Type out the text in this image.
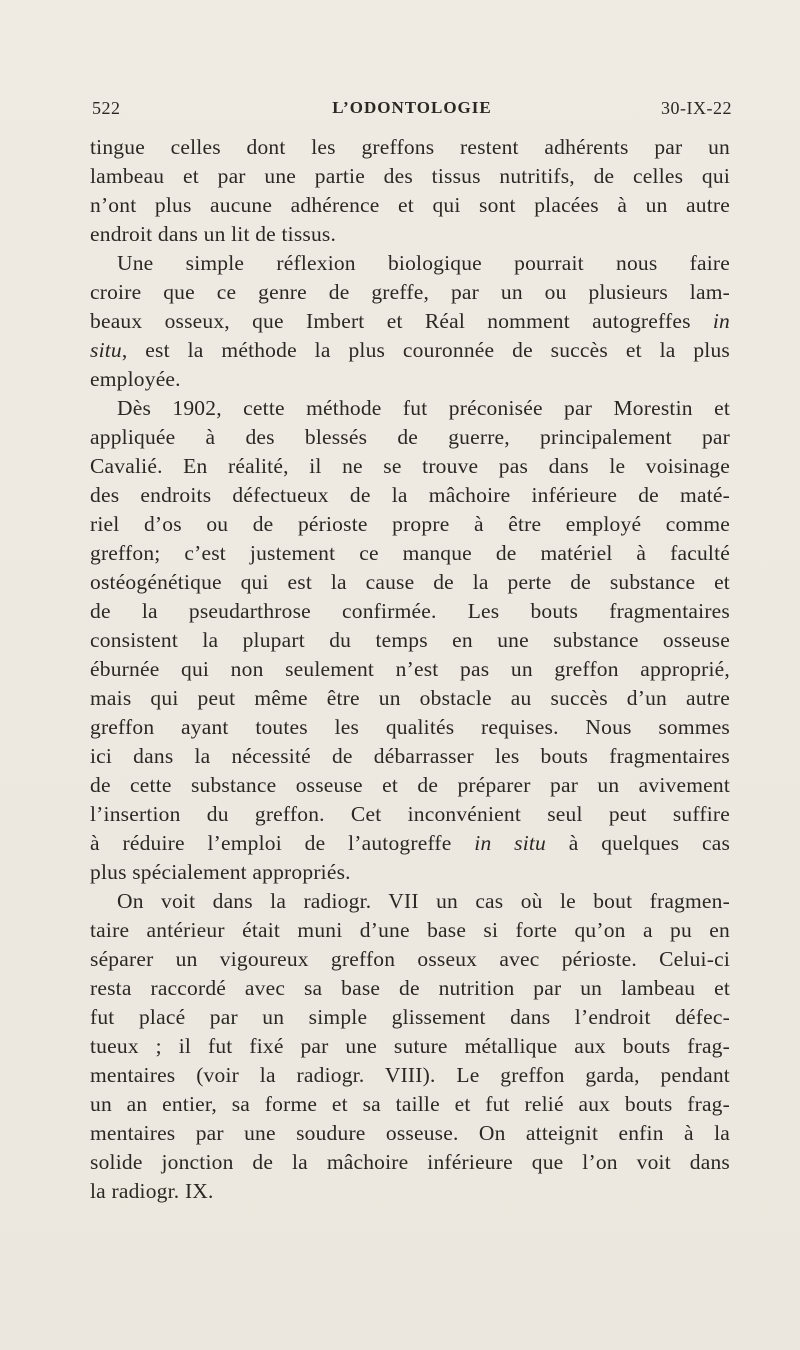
522	L’ODONTOLOGIE	30-IX-22
tingue celles dont les greffons restent adhérents par un
lambeau et par une partie des tissus nutritifs, de celles qui
n’ont plus aucune adhérence et qui sont placées à un autre
endroit dans un lit de tissus.
Une simple réflexion biologique pourrait nous faire
croire que ce genre de greffe, par un ou plusieurs lam-
beaux osseux, que Imbert et Réal nomment autogreffes in
situ, est la méthode la plus couronnée de succès et la plus
employée.
Dès 1902, cette méthode fut préconisée par Morestin et
appliquée à des blessés de guerre, principalement par
Cavalié. En réalité, il ne se trouve pas dans le voisinage
des endroits défectueux de la mâchoire inférieure de maté-
riel d’os ou de périoste propre à être employé comme
greffon; c’est justement ce manque de matériel à faculté
ostéogénétique qui est la cause de la perte de substance et
de la pseudarthrose confirmée. Les bouts fragmentaires
consistent la plupart du temps en une substance osseuse
éburnée qui non seulement n’est pas un greffon approprié,
mais qui peut même être un obstacle au succès d’un autre
greffon ayant toutes les qualités requises. Nous sommes
ici dans la nécessité de débarrasser les bouts fragmentaires
de cette substance osseuse et de préparer par un avivement
l’insertion du greffon. Cet inconvénient seul peut suffire
à réduire l’emploi de l’autogreffe in situ à quelques cas
plus spécialement appropriés.
On voit dans la radiogr. VII un cas où le bout fragmen-
taire antérieur était muni d’une base si forte qu’on a pu en
séparer un vigoureux greffon osseux avec périoste. Celui-ci
resta raccordé avec sa base de nutrition par un lambeau et
fut placé par un simple glissement dans l’endroit défec-
tueux ; il fut fixé par une suture métallique aux bouts frag-
mentaires (voir la radiogr. VIII). Le greffon garda, pendant
un an entier, sa forme et sa taille et fut relié aux bouts frag-
mentaires par une soudure osseuse. On atteignit enfin à la
solide jonction de la mâchoire inférieure que l’on voit dans
la radiogr. IX.
